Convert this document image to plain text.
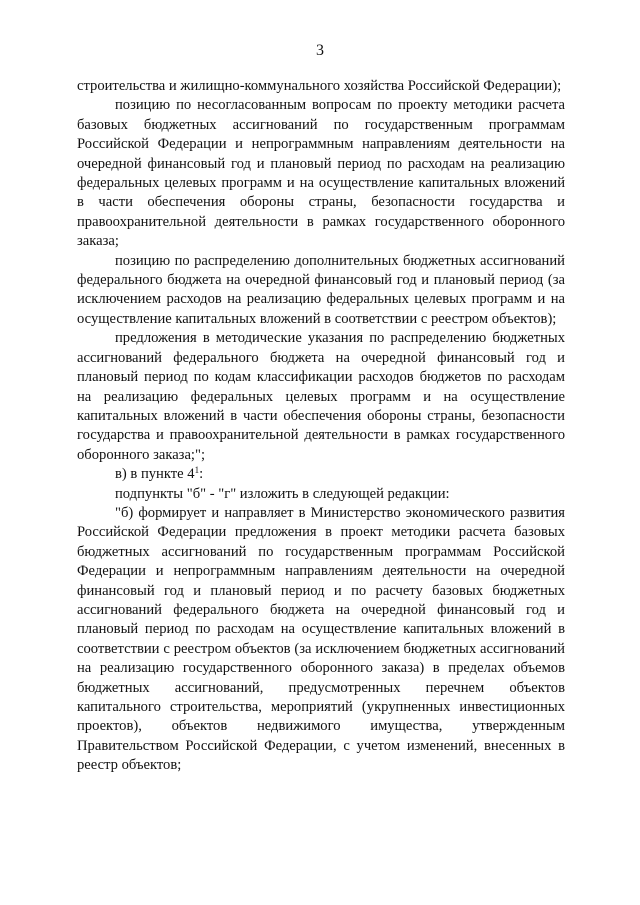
3

строительства и жилищно-коммунального хозяйства Российской Федерации);

позицию по несогласованным вопросам по проекту методики расчета базовых бюджетных ассигнований по государственным программам Российской Федерации и непрограммным направлениям деятельности на очередной финансовый год и плановый период по расходам на реализацию федеральных целевых программ и на осуществление капитальных вложений в части обеспечения обороны страны, безопасности государства и правоохранительной деятельности в рамках государственного оборонного заказа;

позицию по распределению дополнительных бюджетных ассигнований федерального бюджета на очередной финансовый год и плановый период (за исключением расходов на реализацию федеральных целевых программ и на осуществление капитальных вложений в соответствии с реестром объектов);

предложения в методические указания по распределению бюджетных ассигнований федерального бюджета на очередной финансовый год и плановый период по кодам классификации расходов бюджетов по расходам на реализацию федеральных целевых программ и на осуществление капитальных вложений в части обеспечения обороны страны, безопасности государства и правоохранительной деятельности в рамках государственного оборонного заказа;";

в) в пункте $4^1$:

подпункты "б" - "г" изложить в следующей редакции:

"б) формирует и направляет в Министерство экономического развития Российской Федерации предложения в проект методики расчета базовых бюджетных ассигнований по государственным программам Российской Федерации и непрограммным направлениям деятельности на очередной финансовый год и плановый период и по расчету базовых бюджетных ассигнований федерального бюджета на очередной финансовый год и плановый период по расходам на осуществление капитальных вложений в соответствии с реестром объектов (за исключением бюджетных ассигнований на реализацию государственного оборонного заказа) в пределах объемов бюджетных ассигнований, предусмотренных перечнем объектов капитального строительства, мероприятий (укрупненных инвестиционных проектов), объектов недвижимого имущества, утвержденным Правительством Российской Федерации, с учетом изменений, внесенных в реестр объектов;
